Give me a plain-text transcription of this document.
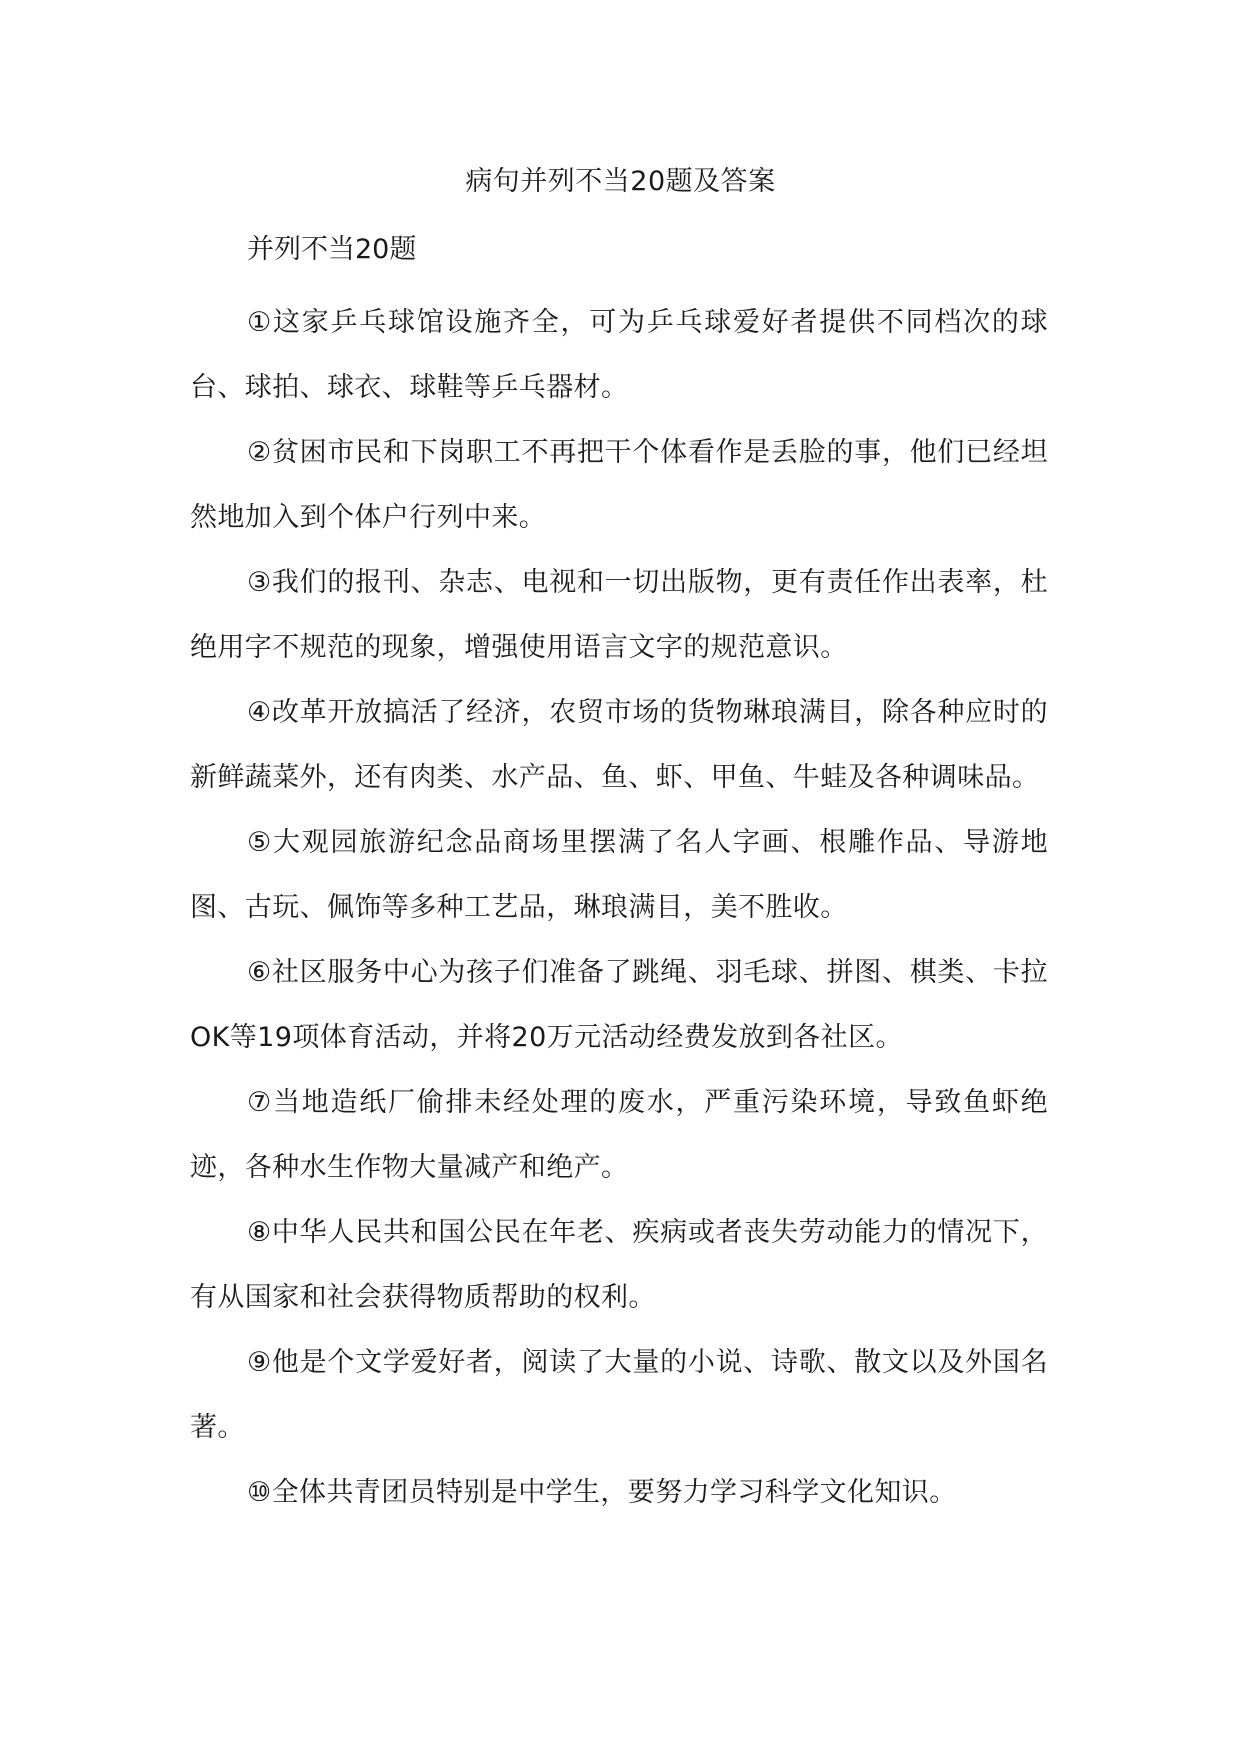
病句并列不当20题及答案
并列不当20题

①这家乒乓球馆设施齐全，可为乒乓球爱好者提供不同档次的球台、球拍、球衣、球鞋等乒乓器材。

②贫困市民和下岗职工不再把干个体看作是丢脸的事，他们已经坦然地加入到个体户行列中来。

③我们的报刊、杂志、电视和一切出版物，更有责任作出表率，杜绝用字不规范的现象，增强使用语言文字的规范意识。

④改革开放搞活了经济，农贸市场的货物琳琅满目，除各种应时的新鲜蔬菜外，还有肉类、水产品、鱼、虾、甲鱼、牛蛙及各种调味品。

⑤大观园旅游纪念品商场里摆满了名人字画、根雕作品、导游地图、古玩、佩饰等多种工艺品，琳琅满目，美不胜收。

⑥社区服务中心为孩子们准备了跳绳、羽毛球、拼图、棋类、卡拉OK等19项体育活动，并将20万元活动经费发放到各社区。

⑦当地造纸厂偷排未经处理的废水，严重污染环境，导致鱼虾绝迹，各种水生作物大量减产和绝产。

⑧中华人民共和国公民在年老、疾病或者丧失劳动能力的情况下，有从国家和社会获得物质帮助的权利。

⑨他是个文学爱好者，阅读了大量的小说、诗歌、散文以及外国名著。

⑩全体共青团员特别是中学生，要努力学习科学文化知识。
